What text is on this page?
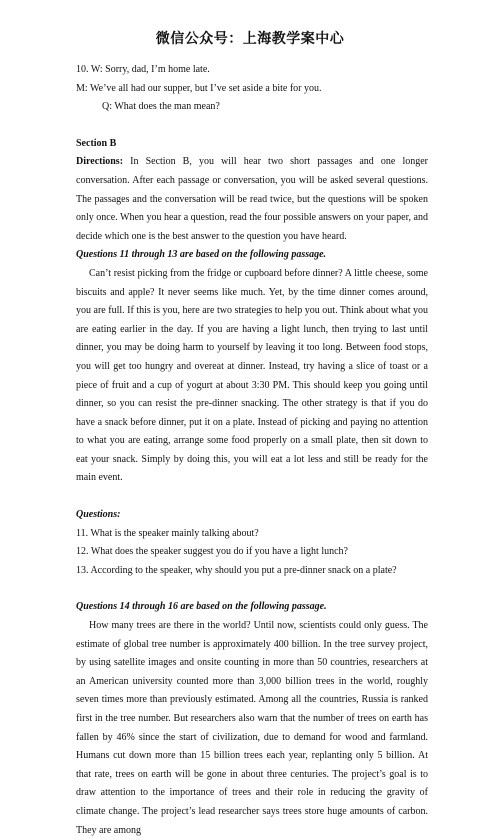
微信公众号：上海教学案中心
10. W: Sorry, dad, I’m home late.
M: We’ve all had our supper, but I’ve set aside a bite for you.
Q: What does the man mean?
Section B
Directions: In Section B, you will hear two short passages and one longer conversation. After each passage or conversation, you will be asked several questions. The passages and the conversation will be read twice, but the questions will be spoken only once. When you hear a question, read the four possible answers on your paper, and decide which one is the best answer to the question you have heard.
Questions 11 through 13 are based on the following passage.
Can’t resist picking from the fridge or cupboard before dinner? A little cheese, some biscuits and apple? It never seems like much. Yet, by the time dinner comes around, you are full. If this is you, here are two strategies to help you out. Think about what you are eating earlier in the day. If you are having a light lunch, then trying to last until dinner, you may be doing harm to yourself by leaving it too long. Between food stops, you will get too hungry and overeat at dinner. Instead, try having a slice of toast or a piece of fruit and a cup of yogurt at about 3:30 PM. This should keep you going until dinner, so you can resist the pre-dinner snacking. The other strategy is that if you do have a snack before dinner, put it on a plate. Instead of picking and paying no attention to what you are eating, arrange some food properly on a small plate, then sit down to eat your snack. Simply by doing this, you will eat a lot less and still be ready for the main event.
Questions:
11. What is the speaker mainly talking about?
12. What does the speaker suggest you do if you have a light lunch?
13. According to the speaker, why should you put a pre-dinner snack on a plate?
Questions 14 through 16 are based on the following passage.
How many trees are there in the world? Until now, scientists could only guess. The estimate of global tree number is approximately 400 billion. In the tree survey project, by using satellite images and onsite counting in more than 50 countries, researchers at an American university counted more than 3,000 billion trees in the world, roughly seven times more than previously estimated. Among all the countries, Russia is ranked first in the tree number. But researchers also warn that the number of trees on earth has fallen by 46% since the start of civilization, due to demand for wood and farmland. Humans cut down more than 15 billion trees each year, replanting only 5 billion. At that rate, trees on earth will be gone in about three centuries. The project’s goal is to draw attention to the importance of trees and their role in reducing the gravity of climate change. The project’s lead researcher says trees store huge amounts of carbon. They are among
